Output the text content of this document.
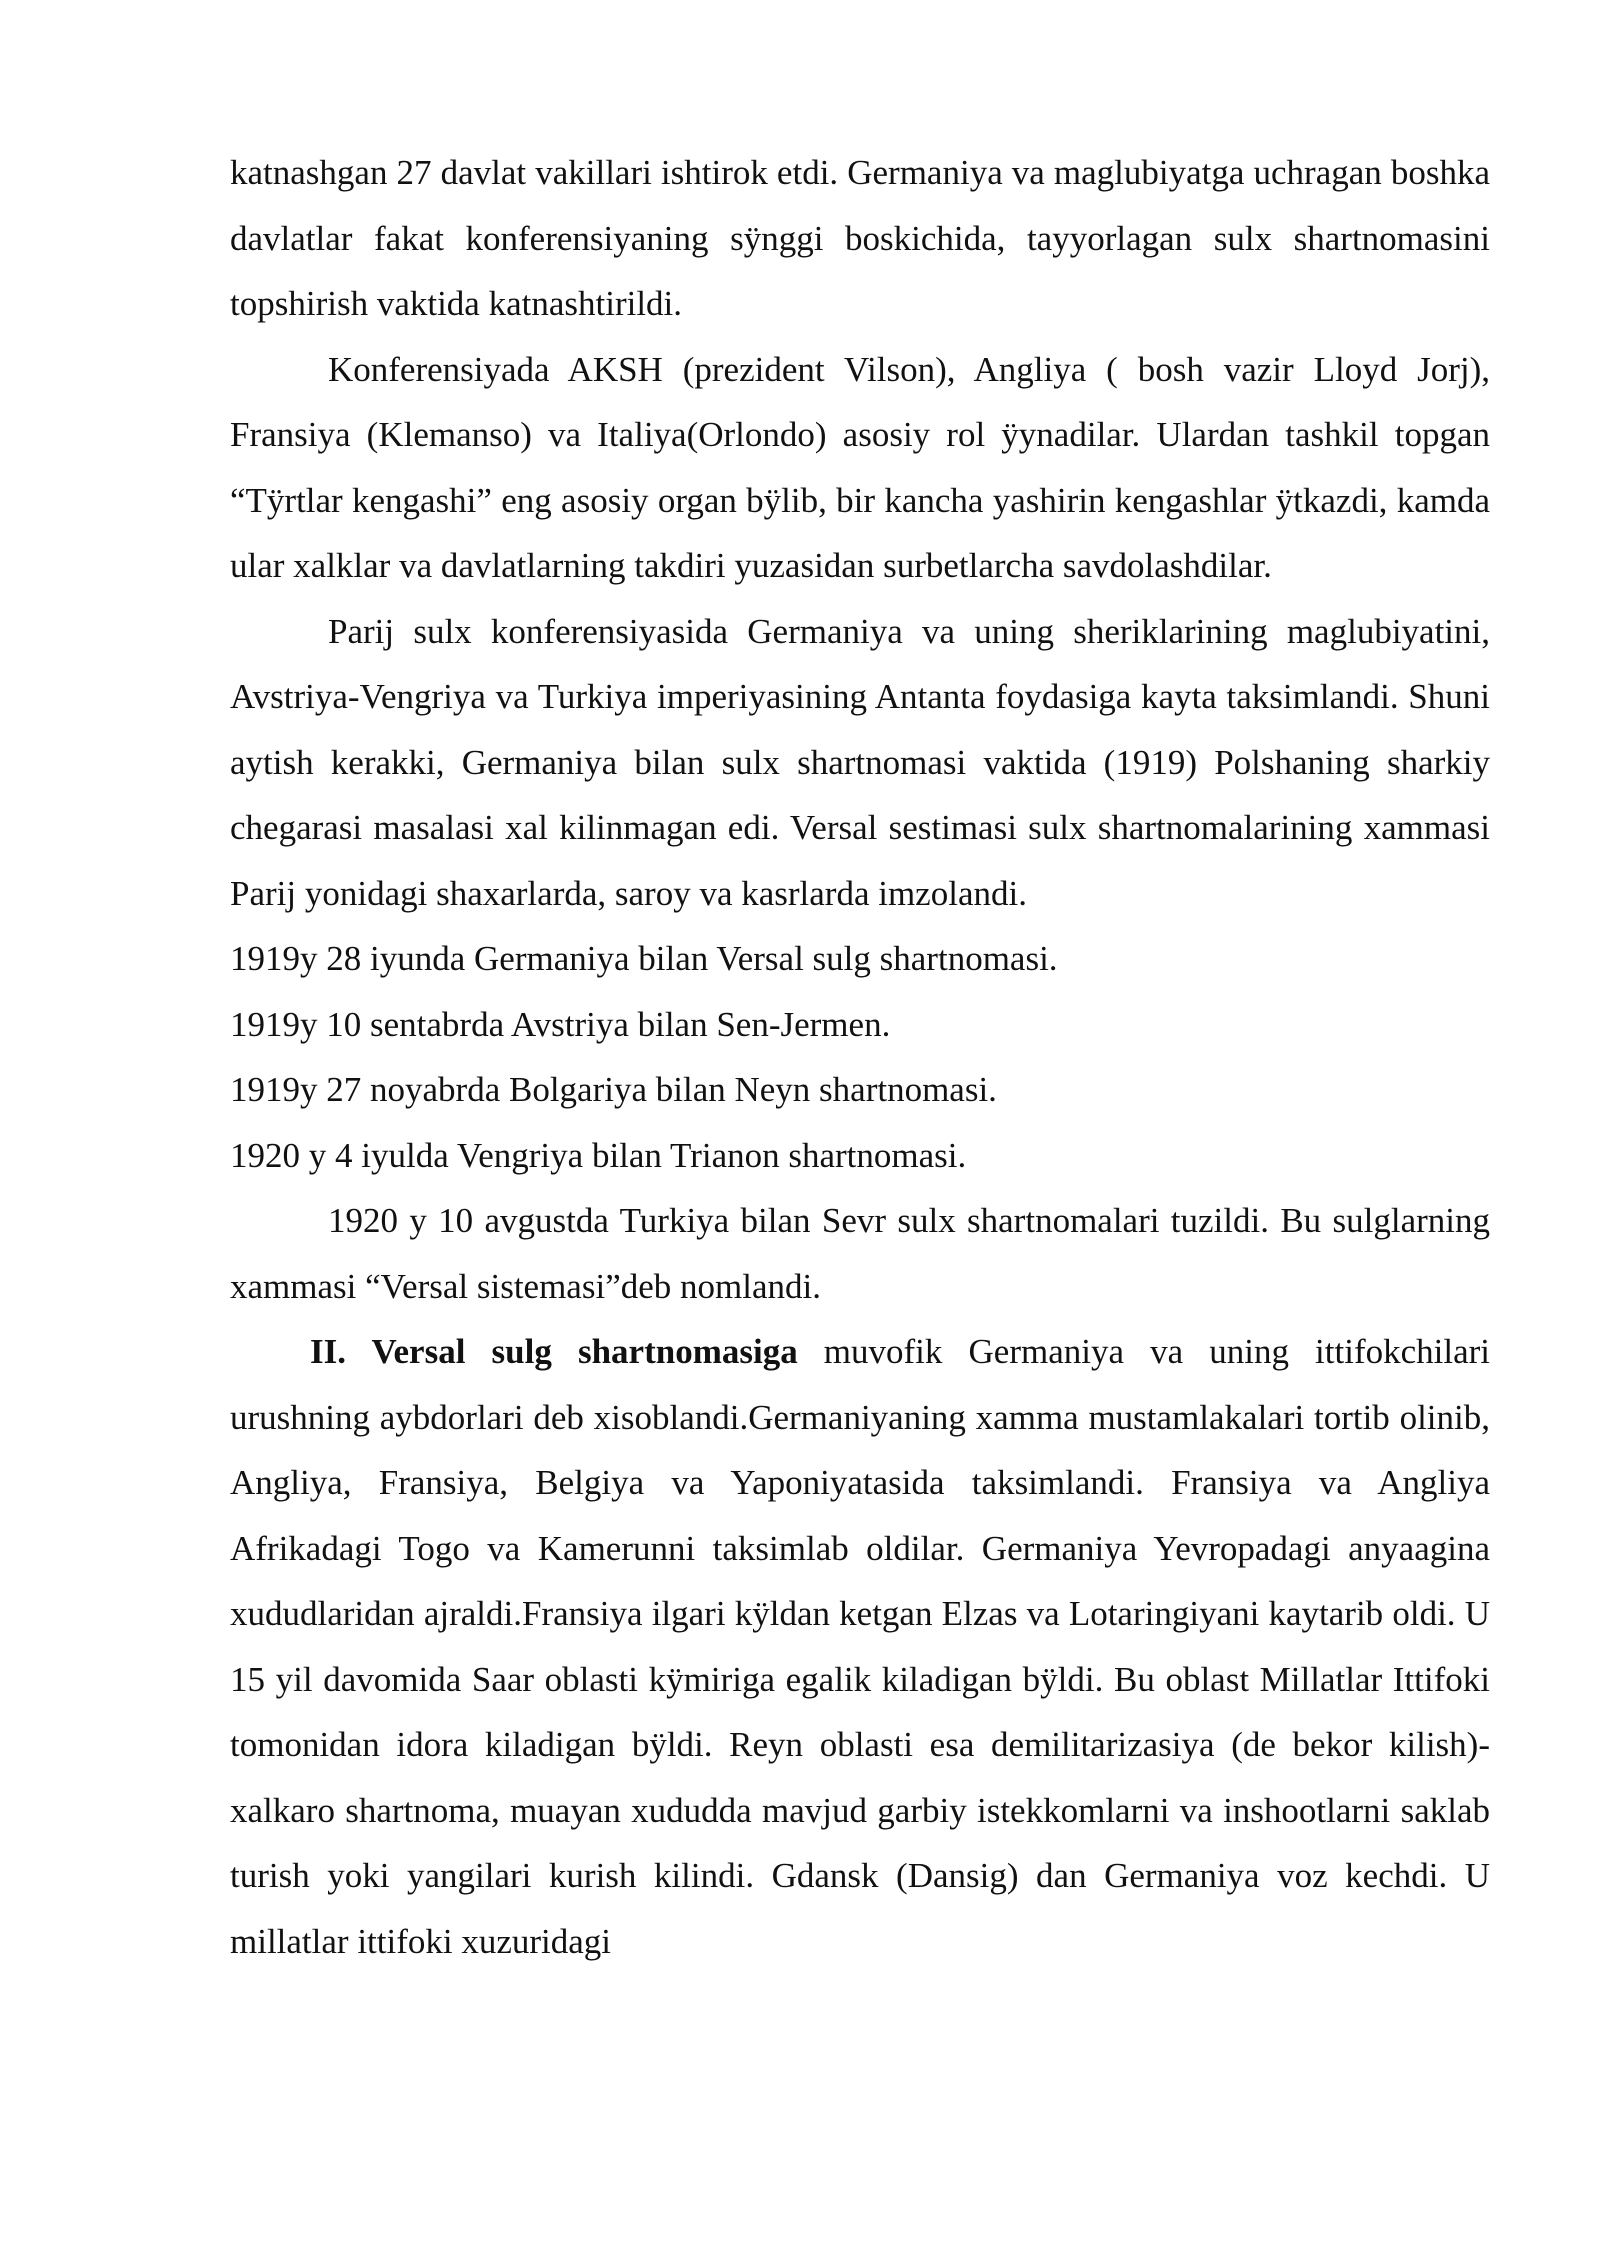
katnashgan 27 davlat vakillari ishtirok etdi. Germaniya va maglubiyatga uchragan boshka davlatlar fakat konferensiyaning sÿnggi boskichida, tayyorlagan sulx shartnomasini topshirish vaktida katnashtirildi.

Konferensiyada AKSH (prezident Vilson), Angliya ( bosh vazir Lloyd Jorj), Fransiya (Klemanso) va Italiya(Orlondo) asosiy rol ÿynadilar. Ulardan tashkil topgan “Tÿrtlar kengashi” eng asosiy organ bÿlib, bir kancha yashirin kengashlar ÿtkazdi, kamda ular xalklar va davlatlarning takdiri yuzasidan surbetlarcha savdolashdilar.

Parij sulx konferensiyasida Germaniya va uning sheriklarining maglubiyatini, Avstriya-Vengriya va Turkiya imperiyasining Antanta foydasiga kayta taksimlandi. Shuni aytish kerakki, Germaniya bilan sulx shartnomasi vaktida (1919) Polshaning sharkiy chegarasi masalasi xal kilinmagan edi. Versal sestimasi sulx shartnomalarining xammasi Parij yonidagi shaxarlarda, saroy va kasrlarda imzolandi.

1919y 28 iyunda Germaniya bilan Versal sulg shartnomasi.

1919y 10 sentabrda Avstriya bilan Sen-Jermen.

1919y 27 noyabrda Bolgariya bilan Neyn shartnomasi.

1920 y 4 iyulda Vengriya bilan Trianon shartnomasi.

1920 y 10 avgustda Turkiya bilan Sevr sulx shartnomalari tuzildi. Bu sulglarning xammasi “Versal sistemasi”deb nomlandi.

II. Versal sulg shartnomasiga muvofik Germaniya va uning ittifokchilari urushning aybdorlari deb xisoblandi.Germaniyaning xamma mustamlakalari tortib olinib, Angliya, Fransiya, Belgiya va Yaponiyatasida taksimlandi. Fransiya va Angliya Afrikadagi Togo va Kamerunni taksimlab oldilar. Germaniya Yevropadagi anyaagina xududlaridan ajraldi.Fransiya ilgari kÿldan ketgan Elzas va Lotaringiyani kaytarib oldi. U 15 yil davomida Saar oblasti kÿmiriga egalik kiladigan bÿldi. Bu oblast Millatlar Ittifoki tomonidan idora kiladigan bÿldi. Reyn oblasti esa demilitarizasiya (de bekor kilish)-xalkaro shartnoma, muayan xududda mavjud garbiy istekkomlarni va inshootlarni saklab turish yoki yangilari kurish kilindi. Gdansk (Dansig) dan Germaniya voz kechdi. U millatlar ittifoki xuzuridagi
